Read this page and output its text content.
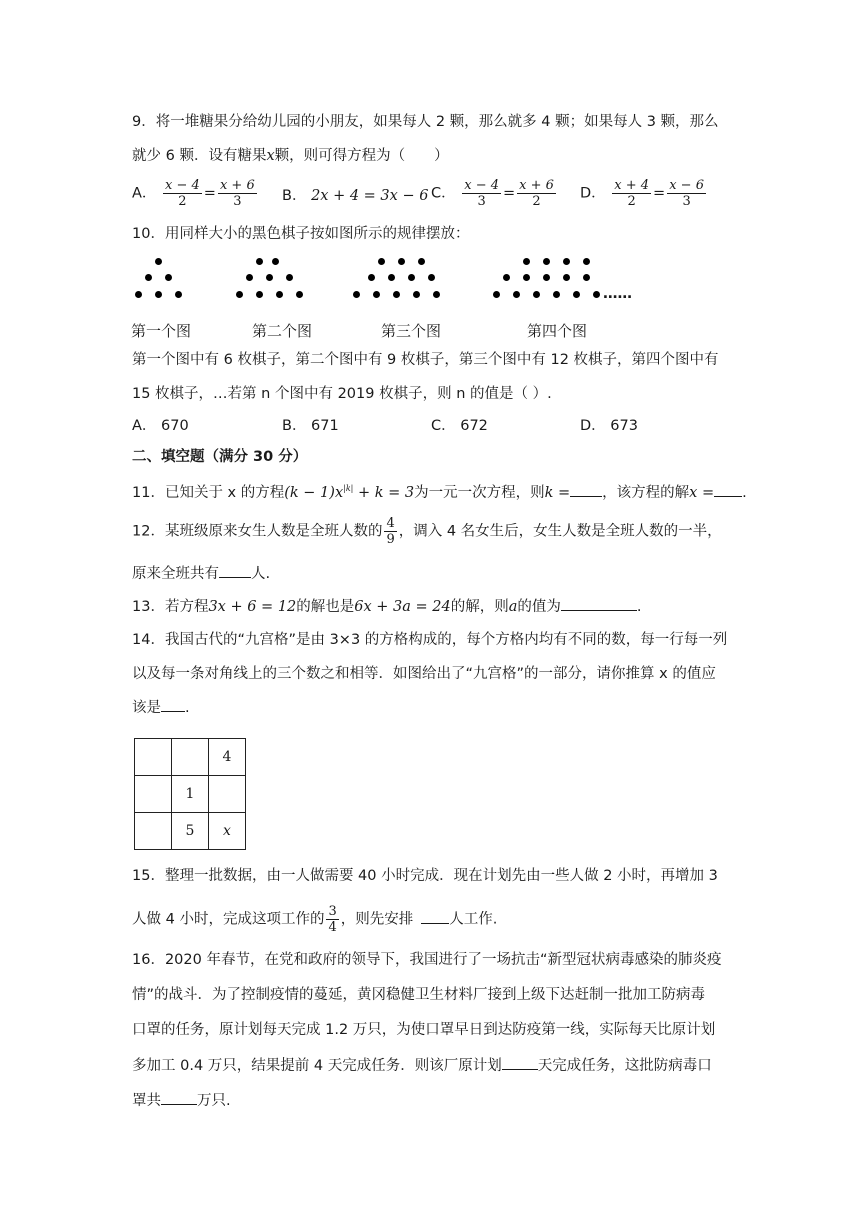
9．将一堆糖果分给幼儿园的小朋友，如果每人 2 颗，那么就多 4 颗；如果每人 3 颗，那么
就少 6 颗．设有糖果x颗，则可得方程为（　　）
A． $\frac{x - 4}{2} = \frac{x + 6}{3}$ B． 2x + 4 = 3x − 6 C． $\frac{x - 4}{3} = \frac{x + 6}{2}$ D． $\frac{x + 4}{2} = \frac{x - 6}{3}$
10．用同样大小的黑色棋子按如图所示的规律摆放：
……
第一个图	第二个图	第三个图	第四个图
第一个图中有 6 枚棋子，第二个图中有 9 枚棋子，第三个图中有 12 枚棋子，第四个图中有
15 枚棋子，…若第 n 个图中有 2019 枚棋子，则 n 的值是（ ）.
A． 670	B． 671	C． 672	D． 673
二、填空题（满分 30 分）
11．已知关于 x 的方程$(k - 1)x^{|k|} + k = 3$为一元一次方程，则k = ，该方程的解x = .
12．某班级原来女生人数是全班人数的 $\frac{4}{9}$ ，调入 4 名女生后，女生人数是全班人数的一半，
原来全班共有 人.
13．若方程3x + 6 = 12的解也是6x + 3a = 24的解，则a的值为	.
14．我国古代的“九宫格”是由 3×3 的方格构成的，每个方格内均有不同的数，每一行每一列
以及每一条对角线上的三个数之和相等．如图给出了“九宫格”的一部分，请你推算 x 的值应
该是 .
		4
	1	
	5	x
15．整理一批数据，由一人做需要 40 小时完成．现在计划先由一些人做 2 小时，再增加 3
人做 4 小时，完成这项工作的 $\frac{3}{4}$ ，则先安排 人工作.
16．2020 年春节，在党和政府的领导下，我国进行了一场抗击“新型冠状病毒感染的肺炎疫
情”的战斗．为了控制疫情的蔓延，黄冈稳健卫生材料厂接到上级下达赶制一批加工防病毒
口罩的任务，原计划每天完成 1.2 万只，为使口罩早日到达防疫第一线，实际每天比原计划
多加工 0.4 万只，结果提前 4 天完成任务．则该厂原计划 天完成任务，这批防病毒口
罩共 万只.
